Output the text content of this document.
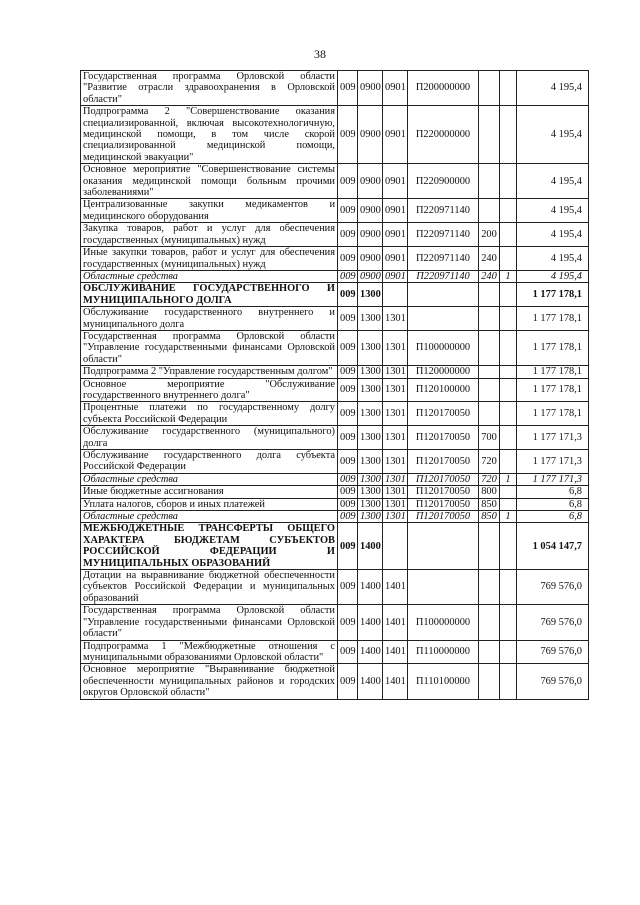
38
Государственная программа Орловской области "Развитие отрасли здравоохранения в Орловской области"	009	0900	0901	П200000000			4 195,4
Подпрограмма 2 "Совершенствование оказания специализированной, включая высокотехнологичную, медицинской помощи, в том числе скорой специализированной медицинской помощи, медицинской эвакуации"	009	0900	0901	П220000000			4 195,4
Основное мероприятие "Совершенствование системы оказания медицинской помощи больным прочими заболеваниями"	009	0900	0901	П220900000			4 195,4
Централизованные закупки медикаментов и медицинского оборудования	009	0900	0901	П220971140			4 195,4
Закупка товаров, работ и услуг для обеспечения государственных (муниципальных) нужд	009	0900	0901	П220971140	200		4 195,4
Иные закупки товаров, работ и услуг для обеспечения государственных (муниципальных) нужд	009	0900	0901	П220971140	240		4 195,4
Областные средства	009	0900	0901	П220971140	240	1	4 195,4
ОБСЛУЖИВАНИЕ ГОСУДАРСТВЕННОГО И МУНИЦИПАЛЬНОГО ДОЛГА	009	1300					1 177 178,1
Обслуживание государственного внутреннего и муниципального долга	009	1300	1301				1 177 178,1
Государственная программа Орловской области "Управление государственными финансами Орловской области"	009	1300	1301	П100000000			1 177 178,1
Подпрограмма 2 "Управление государственным долгом"	009	1300	1301	П120000000			1 177 178,1
Основное мероприятие "Обслуживание государственного внутреннего долга"	009	1300	1301	П120100000			1 177 178,1
Процентные платежи по государственному долгу субъекта Российской Федерации	009	1300	1301	П120170050			1 177 178,1
Обслуживание государственного (муниципального) долга	009	1300	1301	П120170050	700		1 177 171,3
Обслуживание государственного долга субъекта Российской Федерации	009	1300	1301	П120170050	720		1 177 171,3
Областные средства	009	1300	1301	П120170050	720	1	1 177 171,3
Иные бюджетные ассигнования	009	1300	1301	П120170050	800		6,8
Уплата налогов, сборов и иных платежей	009	1300	1301	П120170050	850		6,8
Областные средства	009	1300	1301	П120170050	850	1	6,8
МЕЖБЮДЖЕТНЫЕ ТРАНСФЕРТЫ ОБЩЕГО ХАРАКТЕРА БЮДЖЕТАМ СУБЪЕКТОВ РОССИЙСКОЙ ФЕДЕРАЦИИ И МУНИЦИПАЛЬНЫХ ОБРАЗОВАНИЙ	009	1400					1 054 147,7
Дотации на выравнивание бюджетной обеспеченности субъектов Российской Федерации и муниципальных образований	009	1400	1401				769 576,0
Государственная программа Орловской области "Управление государственными финансами Орловской области"	009	1400	1401	П100000000			769 576,0
Подпрограмма 1 "Межбюджетные отношения с муниципальными образованиями Орловской области"	009	1400	1401	П110000000			769 576,0
Основное мероприятие "Выравнивание бюджетной обеспеченности муниципальных районов и городских округов Орловской области"	009	1400	1401	П110100000			769 576,0
